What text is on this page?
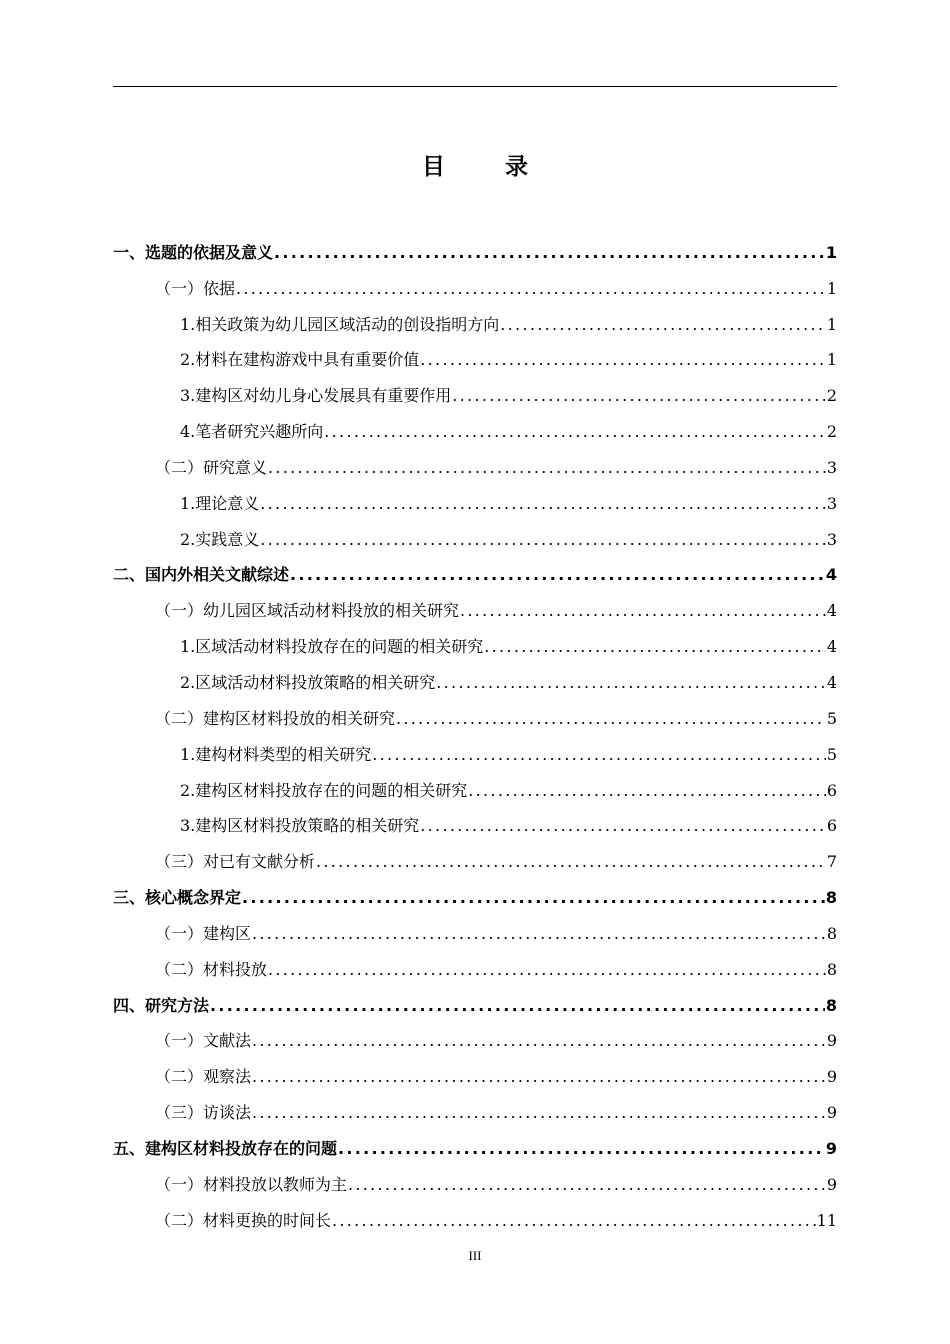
目 录
一、选题的依据及意义 .....	1
（一）依据 .....	1
1.相关政策为幼儿园区域活动的创设指明方向 .....	1
2.材料在建构游戏中具有重要价值 .....	1
3.建构区对幼儿身心发展具有重要作用 .....	2
4.笔者研究兴趣所向 .....	2
（二）研究意义 .....	3
1.理论意义 .....	3
2.实践意义 .....	3
二、国内外相关文献综述 .....	4
（一）幼儿园区域活动材料投放的相关研究 .....	4
1.区域活动材料投放存在的问题的相关研究 .....	4
2.区域活动材料投放策略的相关研究 .....	4
（二）建构区材料投放的相关研究 .....	5
1.建构材料类型的相关研究 .....	5
2.建构区材料投放存在的问题的相关研究 .....	6
3.建构区材料投放策略的相关研究 .....	6
（三）对已有文献分析 .....	7
三、核心概念界定 .....	8
（一）建构区 .....	8
（二）材料投放 .....	8
四、研究方法 .....	8
（一）文献法 .....	9
（二）观察法 .....	9
（三）访谈法 .....	9
五、建构区材料投放存在的问题 .....	9
（一）材料投放以教师为主 .....	9
（二）材料更换的时间长 .....	11
III
